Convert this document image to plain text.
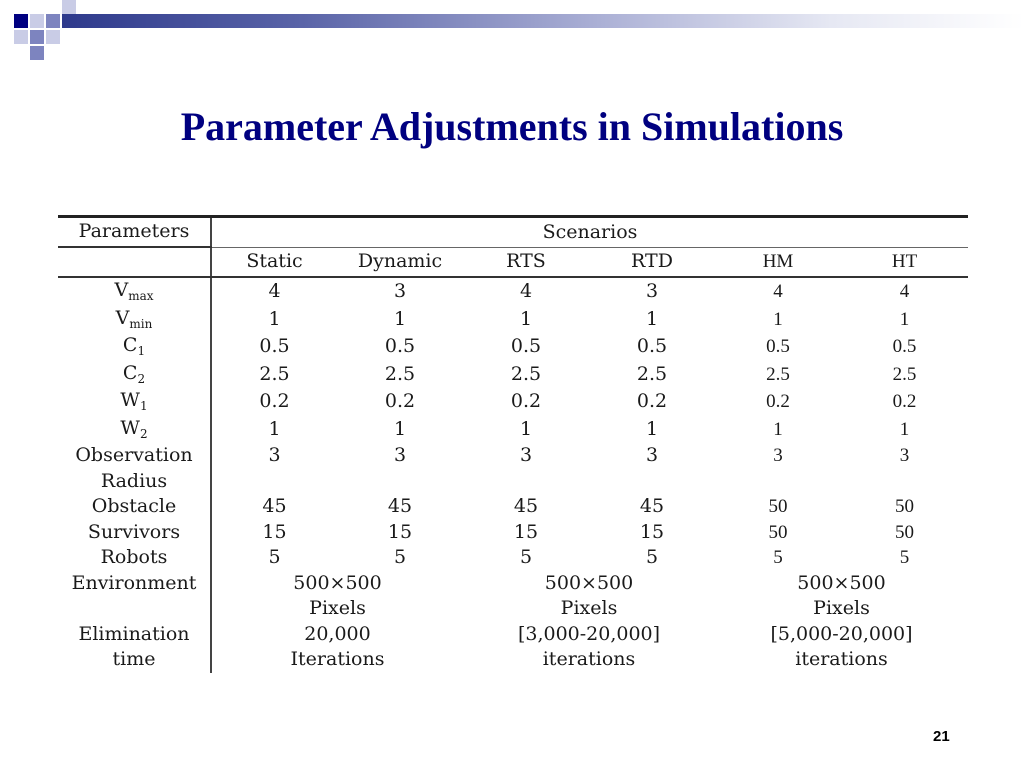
Parameter Adjustments in Simulations
Parameters	Scenarios					
	Static	Dynamic	RTS	RTD	HM	HT
$V_{max}$	4	3	4	3	4	4
$V_{min}$	1	1	1	1	1	1
$C_1$	0.5	0.5	0.5	0.5	0.5	0.5
$C_2$	2.5	2.5	2.5	2.5	2.5	2.5
$W_1$	0.2	0.2	0.2	0.2	0.2	0.2
$W_2$	1	1	1	1	1	1
Observation	3	3	3	3	3	3
Radius						
Obstacle	45	45	45	45	50	50
Survivors	15	15	15	15	50	50
Robots	5	5	5	5	5	5
Environment	500×500		500×500		500×500	
	Pixels		Pixels		Pixels	
Elimination	20,000		[3,000-20,000]		[5,000-20,000]	
time	Iterations		iterations		iterations	
21
